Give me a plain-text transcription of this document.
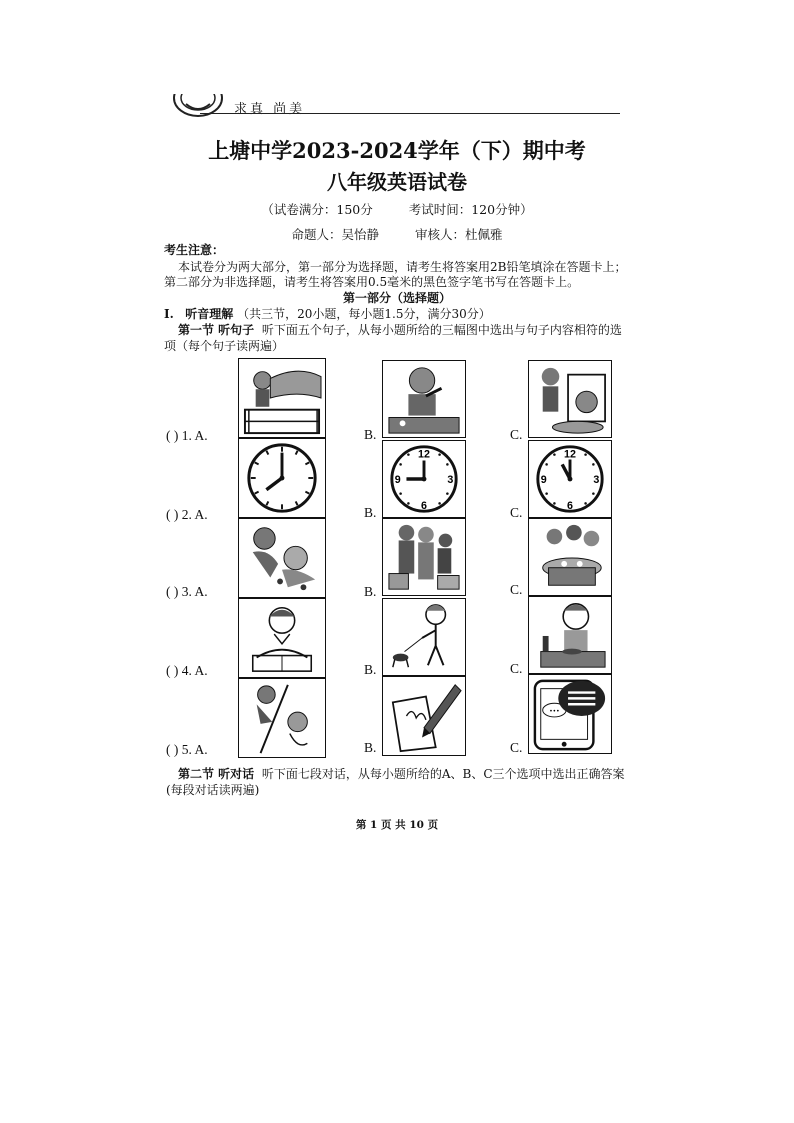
求真 尚美
上塘中学2023-2024学年（下）期中考
八年级英语试卷
（试卷满分：150分	考试时间：120分钟）
命题人：吴怡静	审核人：杜佩雅
考生注意：
本试卷分为两大部分，第一部分为选择题，请考生将答案用2B铅笔填涂在答题卡上；
第二部分为非选择题，请考生将答案用0.5毫米的黑色签字笔书写在答题卡上。
第一部分（选择题）
I. 听音理解 （共三节，20小题，每小题1.5分，满分30分）
第一节 听句子 听下面五个句子，从每小题所给的三幅图中选出与句子内容相符的选
项（每个句子读两遍）
( ) 1. A.	B.	C.
( ) 2. A.	B.	C.
( ) 3. A.	B.	C.
( ) 4. A.	B.	C.
( ) 5. A.	B.	C.
12
3
6
9
12
3
6
9
•••
第二节 听对话 听下面七段对话，从每小题所给的A、B、C三个选项中选出正确答案
(每段对话读两遍)
第 1 页 共 10 页
